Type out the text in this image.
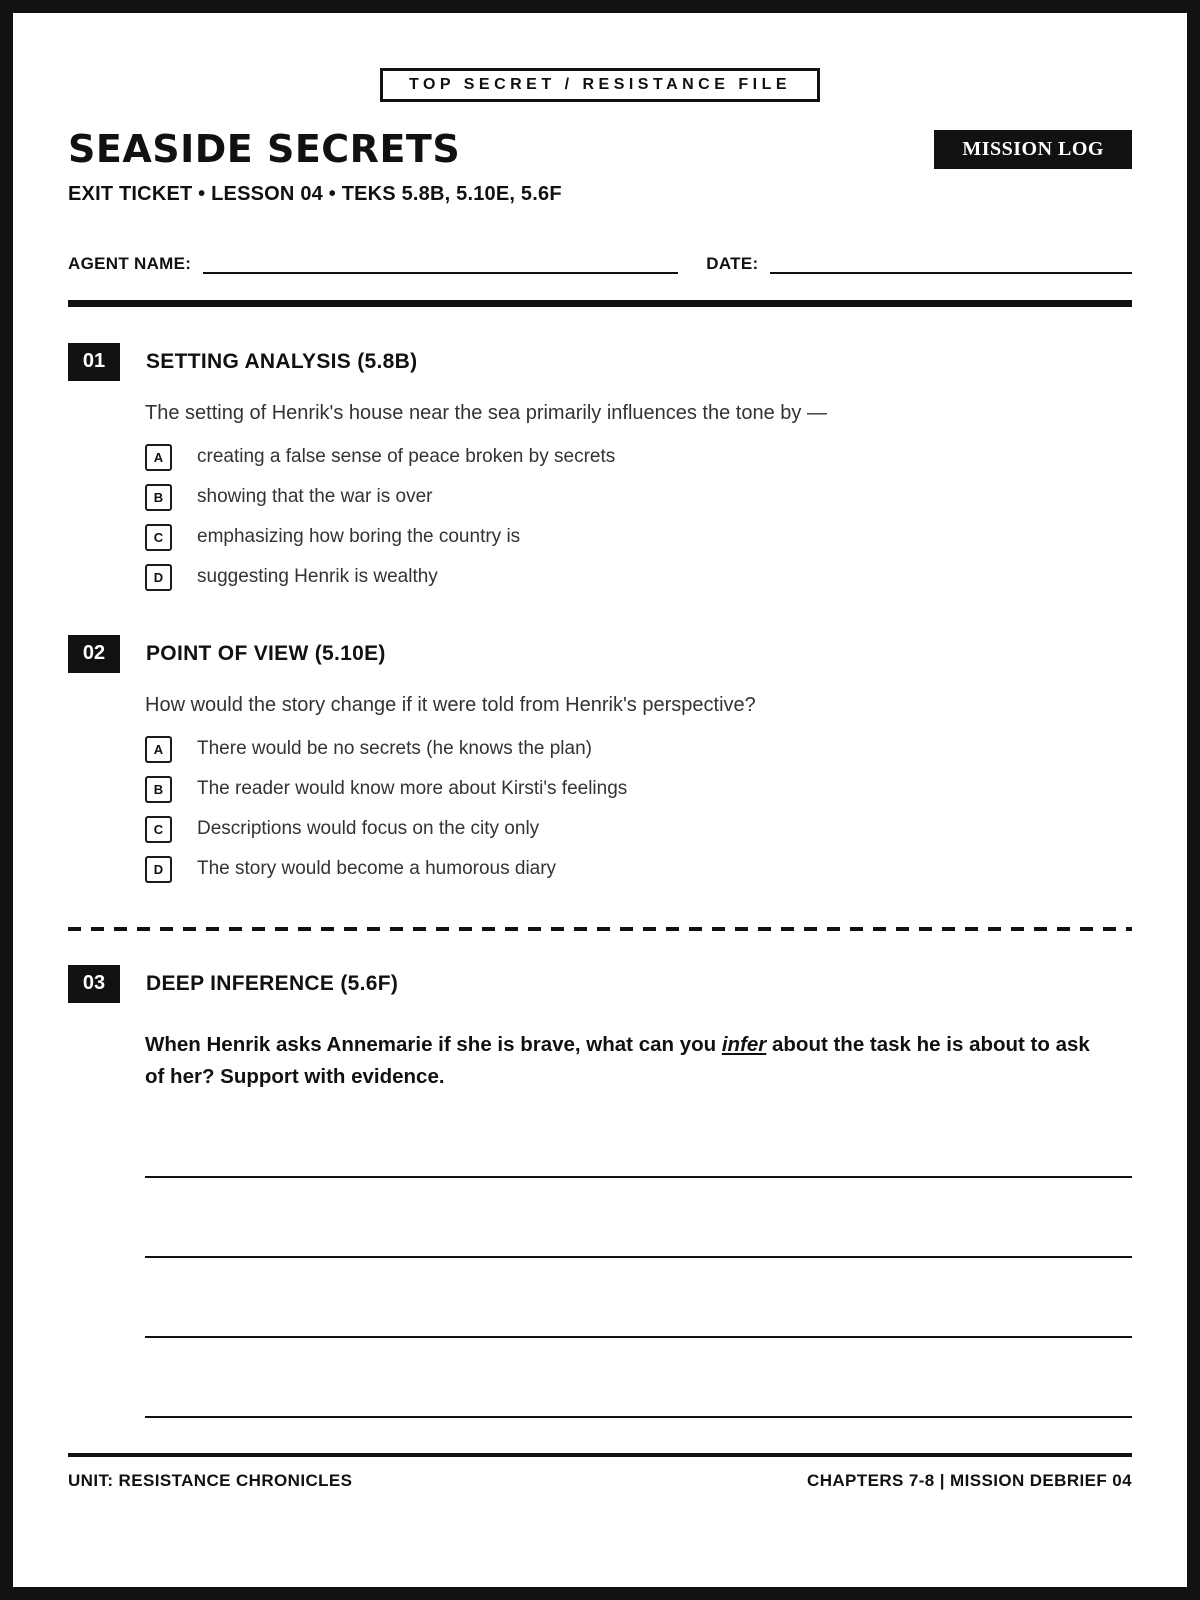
TOP SECRET / RESISTANCE FILE
SEASIDE SECRETS	MISSION LOG
EXIT TICKET • LESSON 04 • TEKS 5.8B, 5.10E, 5.6F
AGENT NAME:	DATE:
01	SETTING ANALYSIS (5.8B)

The setting of Henrik's house near the sea primarily influences the tone by —

A	creating a false sense of peace broken by secrets
B	showing that the war is over
C	emphasizing how boring the country is
D	suggesting Henrik is wealthy
02	POINT OF VIEW (5.10E)

How would the story change if it were told from Henrik's perspective?

A	There would be no secrets (he knows the plan)
B	The reader would know more about Kirsti's feelings
C	Descriptions would focus on the city only
D	The story would become a humorous diary
03	DEEP INFERENCE (5.6F)

When Henrik asks Annemarie if she is brave, what can you infer about the task he is about to ask of her? Support with evidence.

UNIT: RESISTANCE CHRONICLES	CHAPTERS 7-8 | MISSION DEBRIEF 04
